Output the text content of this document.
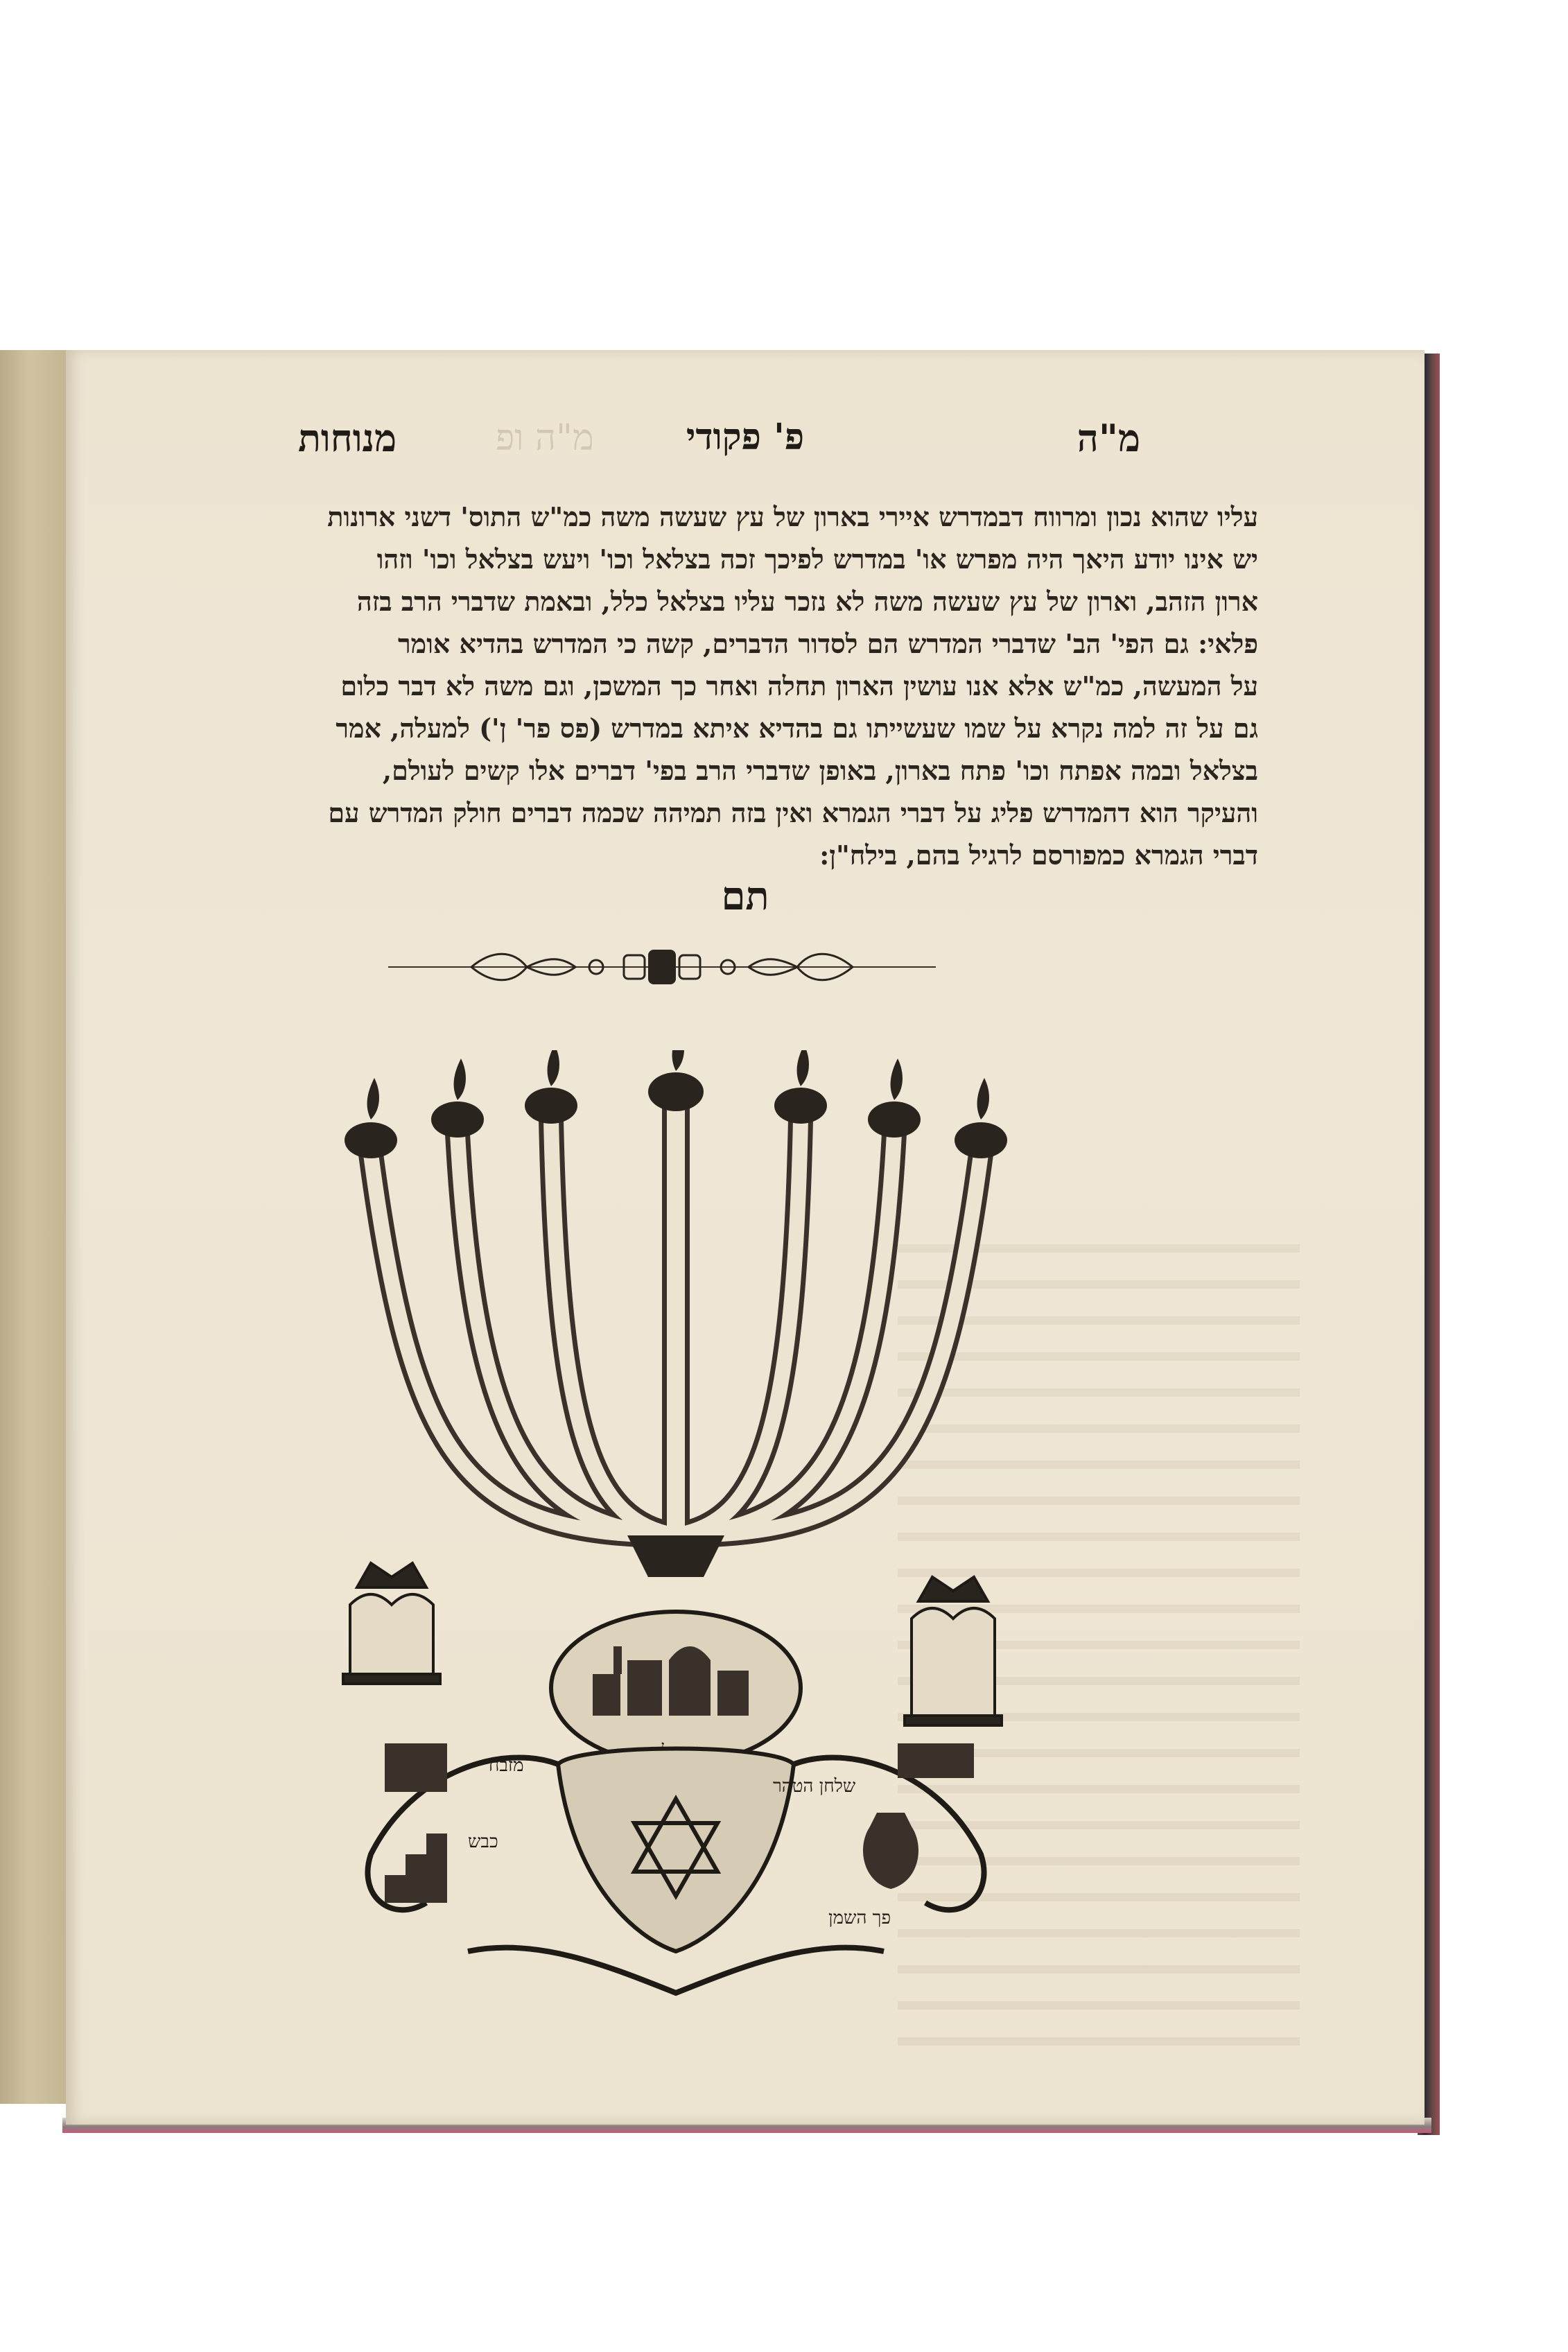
מ"ה ופ
מנוחות	פ' פקודי	מ"ה
עליו שהוא נכון ומרווח דבמדרש איירי בארון של עץ שעשה משה כמ"ש התוס' דשני ארונות
יש אינו יודע היאך היה מפרש או' במדרש לפיכך זכה בצלאל וכו' ויעש בצלאל וכו' וזהו
ארון הזהב, וארון של עץ שעשה משה לא נזכר עליו בצלאל כלל, ובאמת שדברי הרב בזה
פלאי: גם הפי' הב' שדברי המדרש הם לסדור הדברים, קשה כי המדרש בהדיא אומר
על המעשה, כמ"ש אלא אנו עושין הארון תחלה ואחר כך המשכן, וגם משה לא דבר כלום
גם על זה למה נקרא על שמו שעשייתו גם בהדיא איתא במדרש (פס פר' ן') למעלה, אמר
בצלאל ובמה אפתח וכו' פתח בארון, באופן שדברי הרב בפי' דברים אלו קשים לעולם,
והעיקר הוא דהמדרש פליג על דברי הגמרא ואין בזה תמיהה שכמה דברים חולק המדרש עם
דברי הגמרא כמפורסם לרגיל בהם, בילח"ן:
תם
מזבח
כבש
שלחן הטהר
פך השמן
